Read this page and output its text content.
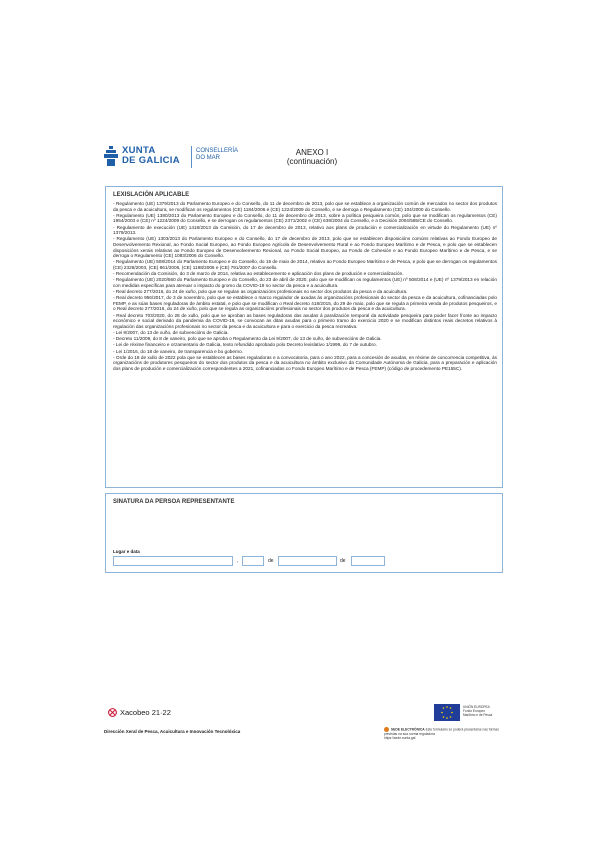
XUNTA
DE GALICIA
CONSELLERÍA
DO MAR
ANEXO I
(continuación)
LEXISLACIÓN APLICABLE
- Regulamento (UE) 1379/2013 do Parlamento Europeo e do Consello, do 11 de decembro de 2013, polo que se establece a organización común de mercados no sector dos produtos da pesca e da acuicultura, se modifican os regulamentos (CE) 1184/2006 e (CE) 1224/2009 do Consello, e se derroga o Regulamento (CE) 104/2000 do Consello.
- Regulamento (UE) 1380/2013 do Parlamento Europeo e do Consello, do 11 de decembro de 2013, sobre a política pesqueira común, polo que se modifican os regulamentos (CE) 1954/2003 e (CE) nº 1224/2009 do Consello, e se derrogan os regulamentos (CE) 2371/2002 e (CE) 639/2004 do Consello, e a Decisión 2004/585/CE do Consello.
- Regulamento de execución (UE) 1418/2013 da Comisión, do 17 de decembro de 2013, relativo aos plans de produción e comercialización en virtude do Regulamento (UE) nº 1379/2013.
- Regulamento (UE) 1303/2013 do Parlamento Europeo e do Consello, do 17 de decembro de 2013, polo que se establecen disposicións comúns relativas ao Fondo Europeo de Desenvolvemento Rexional, ao Fondo Social Europeo, ao Fondo Europeo Agrícola de Desenvolvemento Rural e ao Fondo Europeo Marítimo e de Pesca, e polo que se establecen disposicións xerais relativas ao Fondo Europeo de Desenvolvemento Rexional, ao Fondo Social Europeo, ao Fondo de Cohesión e ao Fondo Europeo Marítimo e de Pesca, e se derroga o Regulamento (CE) 1083/2006 do Consello.
- Regulamento (UE) 508/2014 do Parlamento Europeo e do Consello, do 15 de maio de 2014, relativo ao Fondo Europeo Marítimo e de Pesca, e polo que se derrogan os regulamentos (CE) 2328/2003, (CE) 861/2006, (CE) 1198/2006 e (CE) 791/2007 do Consello.
- Recomendación da Comisión, do 3 de marzo de 2014, relativa ao establecemento e aplicación dos plans de produción e comercialización.
- Regulamento (UE) 2020/560 do Parlamento Europeo e do Consello, do 23 de abril de 2020, polo que se modifican os regulamentos (UE) nº 508/2014 e (UE) nº 1379/2013 en relación con medidas específicas para atenuar o impacto do gromo da COVID-19 no sector da pesca e a acuicultura.
- Real decreto 277/2016, do 24 de xuño, polo que se regulan as organizacións profesionais no sector dos produtos da pesca e da acuicultura.
- Real decreto 956/2017, do 3 de novembro, polo que se establece o marco regulador de axudas ás organizacións profesionais do sector da pesca e da acuicultura, cofinanciadas polo FEMP, e as súas bases reguladoras de ámbito estatal, e polo que se modifican o Real decreto 418/2015, do 29 de maio, polo que se regula a primeira venda de produtos pesqueiros, e o Real decreto 277/2016, do 24 de xuño, polo que se regula as organizacións profesionais no sector dos produtos da pesca e da acuicultura.
- Real decreto 703/2020, do 28 de xullo, polo que se aproban as bases reguladoras das axudas á paralización temporal da actividade pesqueira para poder facer fronte ao impacto económico e social derivado da pandemia da COVID-19, se convocan as ditas axudas para o primeiro tramo do exercicio 2020 e se modifican distintos reais decretos relativos á regulación das organizacións profesionais no sector da pesca e da acuicultura e para o exercicio da pesca recreativa.
- Lei 9/2007, do 13 de xuño, de subvencións de Galicia.
- Decreto 11/2009, do 8 de xaneiro, polo que se aproba o Regulamento da Lei 9/2007, do 13 de xuño, de subvencións de Galicia.
- Lei de réxime financeiro e orzamentario de Galicia, texto refundido aprobado polo Decreto lexislativo 1/1999, do 7 de outubro.
- Lei 1/2016, do 18 de xaneiro, de transparencia e bo goberno.
- Orde do 18 de xullo de 2022 pola que se establecen as bases reguladoras e a convocatoria, para o ano 2022, para a concesión de axudas, en réxime de concorrencia competitiva, ás organizacións de produtores pesqueiros do sector dos produtos da pesca e da acuicultura no ámbito exclusivo da Comunidade Autónoma de Galicia, para a preparación e aplicación dos plans de produción e comercialización correspondentes a 2021, cofinanciadas co Fondo Europeo Marítimo e de Pesca (FEMP) (código de procedemento PE155C).
SINATURA DA PERSOA REPRESENTANTE
Lugar e data
,	de	de
Xacobeo 21·22
UNIÓN EUROPEA
Fondo Europeo
Marítimo e de Pesca
Dirección Xeral de Pesca, Acuicultura e Innovación Tecnolóxica	SEDE ELECTRÓNICA Este formulario só poderá presentarse nas formas previstas na súa norma reguladora
https://sede.xunta.gal
